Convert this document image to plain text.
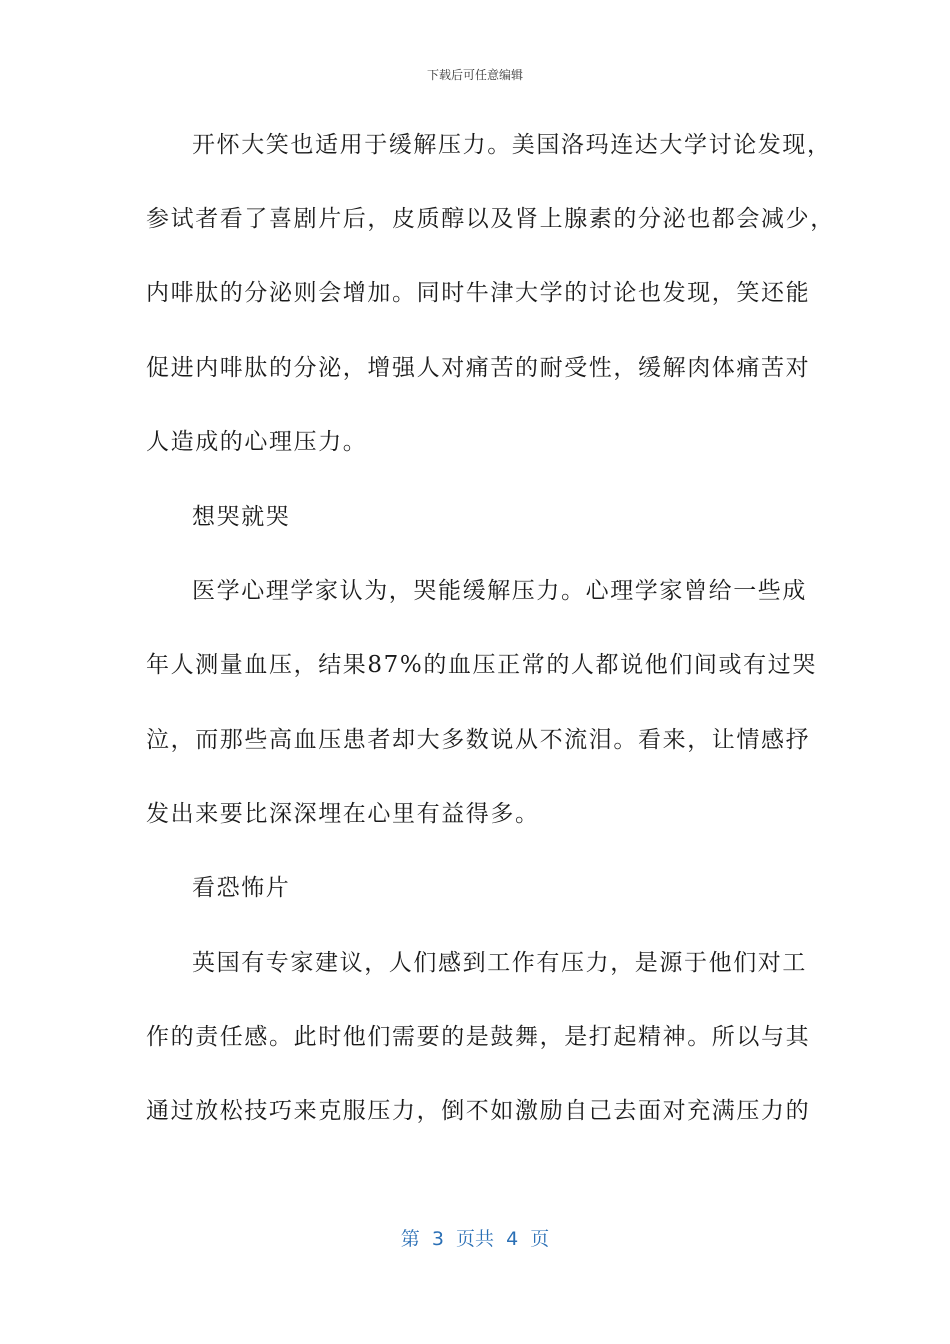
下载后可任意编辑
开怀大笑也适用于缓解压力。美国洛玛连达大学讨论发现，
参试者看了喜剧片后，皮质醇以及肾上腺素的分泌也都会减少，
内啡肽的分泌则会增加。同时牛津大学的讨论也发现，笑还能
促进内啡肽的分泌，增强人对痛苦的耐受性，缓解肉体痛苦对
人造成的心理压力。
想哭就哭
医学心理学家认为，哭能缓解压力。心理学家曾给一些成
年人测量血压，结果87%的血压正常的人都说他们间或有过哭
泣，而那些高血压患者却大多数说从不流泪。看来，让情感抒
发出来要比深深埋在心里有益得多。
看恐怖片
英国有专家建议，人们感到工作有压力，是源于他们对工
作的责任感。此时他们需要的是鼓舞，是打起精神。所以与其
通过放松技巧来克服压力，倒不如激励自己去面对充满压力的
第  3  页共  4  页
